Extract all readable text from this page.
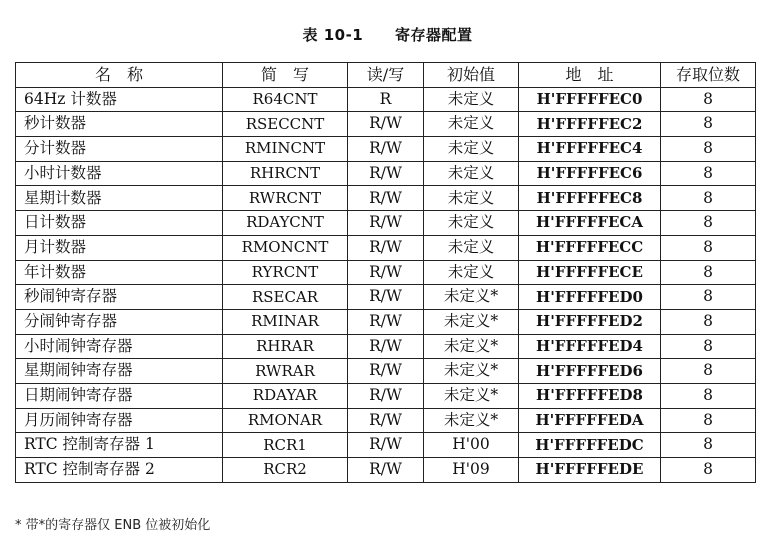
表 10-1 寄存器配置
名　称	简　写	读/写	初始值	地　址	存取位数
64Hz 计数器	R64CNT	R	未定义	H'FFFFFEC0	8
秒计数器	RSECCNT	R/W	未定义	H'FFFFFEC2	8
分计数器	RMINCNT	R/W	未定义	H'FFFFFEC4	8
小时计数器	RHRCNT	R/W	未定义	H'FFFFFEC6	8
星期计数器	RWRCNT	R/W	未定义	H'FFFFFEC8	8
日计数器	RDAYCNT	R/W	未定义	H'FFFFFECA	8
月计数器	RMONCNT	R/W	未定义	H'FFFFFECC	8
年计数器	RYRCNT	R/W	未定义	H'FFFFFECE	8
秒闹钟寄存器	RSECAR	R/W	未定义*	H'FFFFFED0	8
分闹钟寄存器	RMINAR	R/W	未定义*	H'FFFFFED2	8
小时闹钟寄存器	RHRAR	R/W	未定义*	H'FFFFFED4	8
星期闹钟寄存器	RWRAR	R/W	未定义*	H'FFFFFED6	8
日期闹钟寄存器	RDAYAR	R/W	未定义*	H'FFFFFED8	8
月历闹钟寄存器	RMONAR	R/W	未定义*	H'FFFFFEDA	8
RTC 控制寄存器 1	RCR1	R/W	H'00	H'FFFFFEDC	8
RTC 控制寄存器 2	RCR2	R/W	H'09	H'FFFFFEDE	8
* 带*的寄存器仅 ENB 位被初始化
